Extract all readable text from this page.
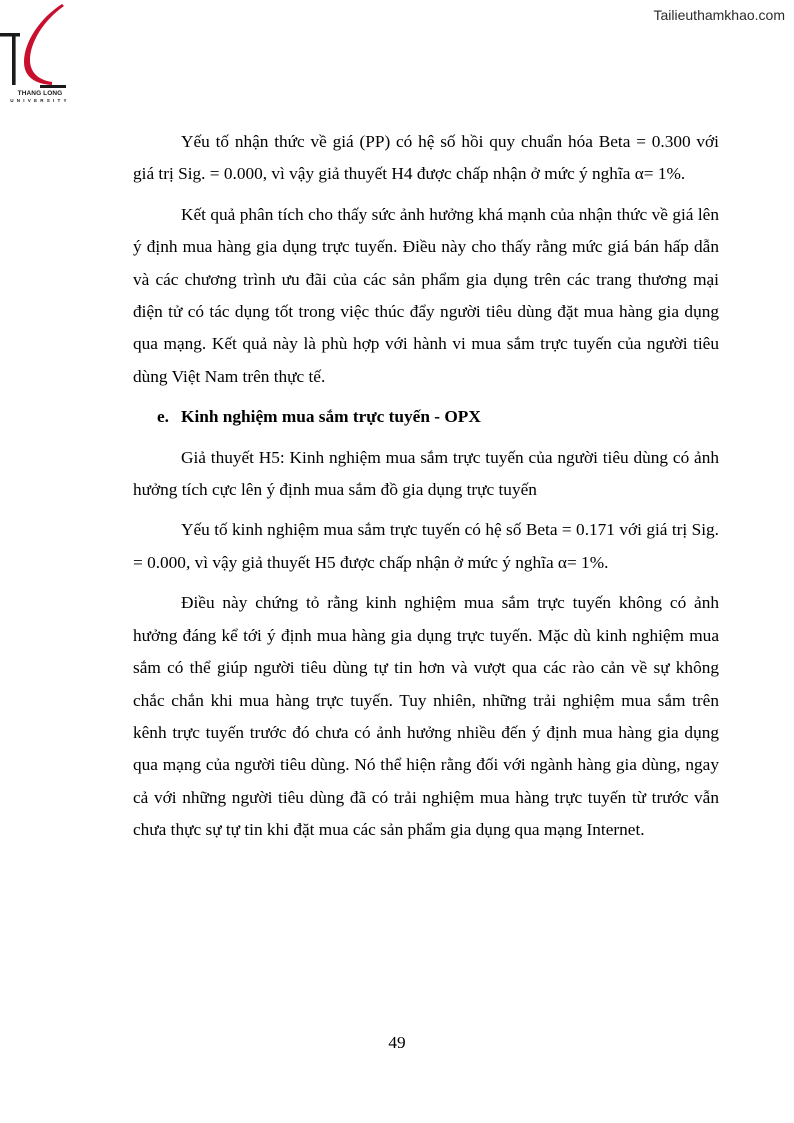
THANG LONG
UNIVERSITY
Tailieuthamkhao.com

Yếu tố nhận thức về giá (PP) có hệ số hồi quy chuẩn hóa Beta = 0.300 với giá trị Sig. = 0.000, vì vậy giả thuyết H4 được chấp nhận ở mức ý nghĩa α= 1%.

Kết quả phân tích cho thấy sức ảnh hưởng khá mạnh của nhận thức về giá lên ý định mua hàng gia dụng trực tuyến. Điều này cho thấy rằng mức giá bán hấp dẫn và các chương trình ưu đãi của các sản phẩm gia dụng trên các trang thương mại điện tử có tác dụng tốt trong việc thúc đẩy người tiêu dùng đặt mua hàng gia dụng qua mạng. Kết quả này là phù hợp với hành vi mua sắm trực tuyến của người tiêu dùng Việt Nam trên thực tế.

e. Kinh nghiệm mua sắm trực tuyến - OPX

Giả thuyết H5: Kinh nghiệm mua sắm trực tuyến của người tiêu dùng có ảnh hưởng tích cực lên ý định mua sắm đồ gia dụng trực tuyến

Yếu tố kinh nghiệm mua sắm trực tuyến có hệ số Beta = 0.171 với giá trị Sig. = 0.000, vì vậy giả thuyết H5 được chấp nhận ở mức ý nghĩa α= 1%.

Điều này chứng tỏ rằng kinh nghiệm mua sắm trực tuyến không có ảnh hưởng đáng kể tới ý định mua hàng gia dụng trực tuyến. Mặc dù kinh nghiệm mua sắm có thể giúp người tiêu dùng tự tin hơn và vượt qua các rào cản về sự không chắc chắn khi mua hàng trực tuyến. Tuy nhiên, những trải nghiệm mua sắm trên kênh trực tuyến trước đó chưa có ảnh hưởng nhiều đến ý định mua hàng gia dụng qua mạng của người tiêu dùng. Nó thể hiện rằng đối với ngành hàng gia dùng, ngay cả với những người tiêu dùng đã có trải nghiệm mua hàng trực tuyến từ trước vẫn chưa thực sự tự tin khi đặt mua các sản phẩm gia dụng qua mạng Internet.

49
